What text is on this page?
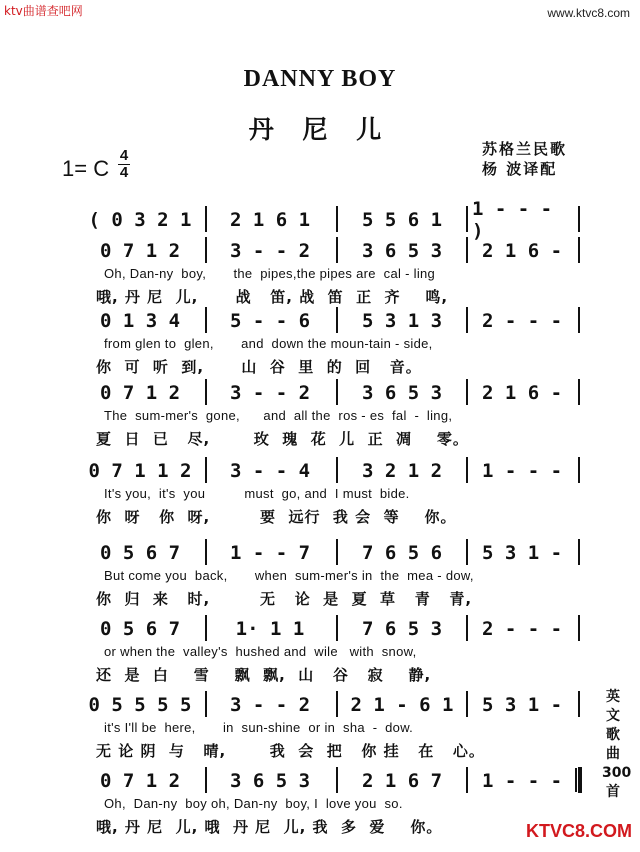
ktv曲谱查吧网	www.ktvc8.com
DANNY BOY
丹 尼 儿
苏格兰民歌
杨 波译配
1= C
4
4
( 0 3 2 1	2 1 6 1	5 5 6 1	1 - - - )
0 7 1 2	3 - - 2	3 6 5 3	2 1 6 -
Oh, Dan-ny  boy,       the  pipes,the pipes are  cal - ling
哦, 丹 尼  儿,      战   笛, 战  笛  正  齐    鸣,
0 1 3 4	5 - - 6	5 3 1 3	2 - - -
from glen to  glen,       and  down the moun-tain - side,
你  可  听  到,      山  谷  里  的  回   音。
0 7 1 2	3 - - 2	3 6 5 3	2 1 6 -
The  sum-mer's  gone,      and  all the  ros - es  fal  -  ling,
夏  日  已   尽,       玫  瑰  花  儿  正  凋    零。
0 7 1 1 2	3 - - 4	3 2 1 2	1 - - -
It's you,  it's  you          must  go, and  I must  bide.
你  呀   你  呀,        要  远行  我 会  等    你。
0 5 6 7	1 - - 7	7 6 5 6	5 3 1 -
But come you  back,       when  sum-mer's in  the  mea - dow,
你  归  来   时,        无   论  是  夏  草   青   青,
0 5 6 7	1· 1 1	7 6 5 3	2 - - -
or when the  valley's  hushed and  wile   with  snow,
还  是  白    雪    飘  飘,  山   谷   寂    静,
0 5 5 5 5	3 - - 2	2 1 - 6 1	5 3 1 -
it's I'll be  here,       in  sun-shine  or in  sha  -  dow.
无 论 阴  与   晴,       我  会  把   你 挂   在   心。
0 7 1 2	3 6 5 3	2 1 6 7	1 - - -
Oh,  Dan-ny  boy oh, Dan-ny  boy, I  love you  so.
哦, 丹 尼  儿, 哦  丹 尼  儿, 我  多  爱    你。
英文歌曲300首
KTVC8.COM
